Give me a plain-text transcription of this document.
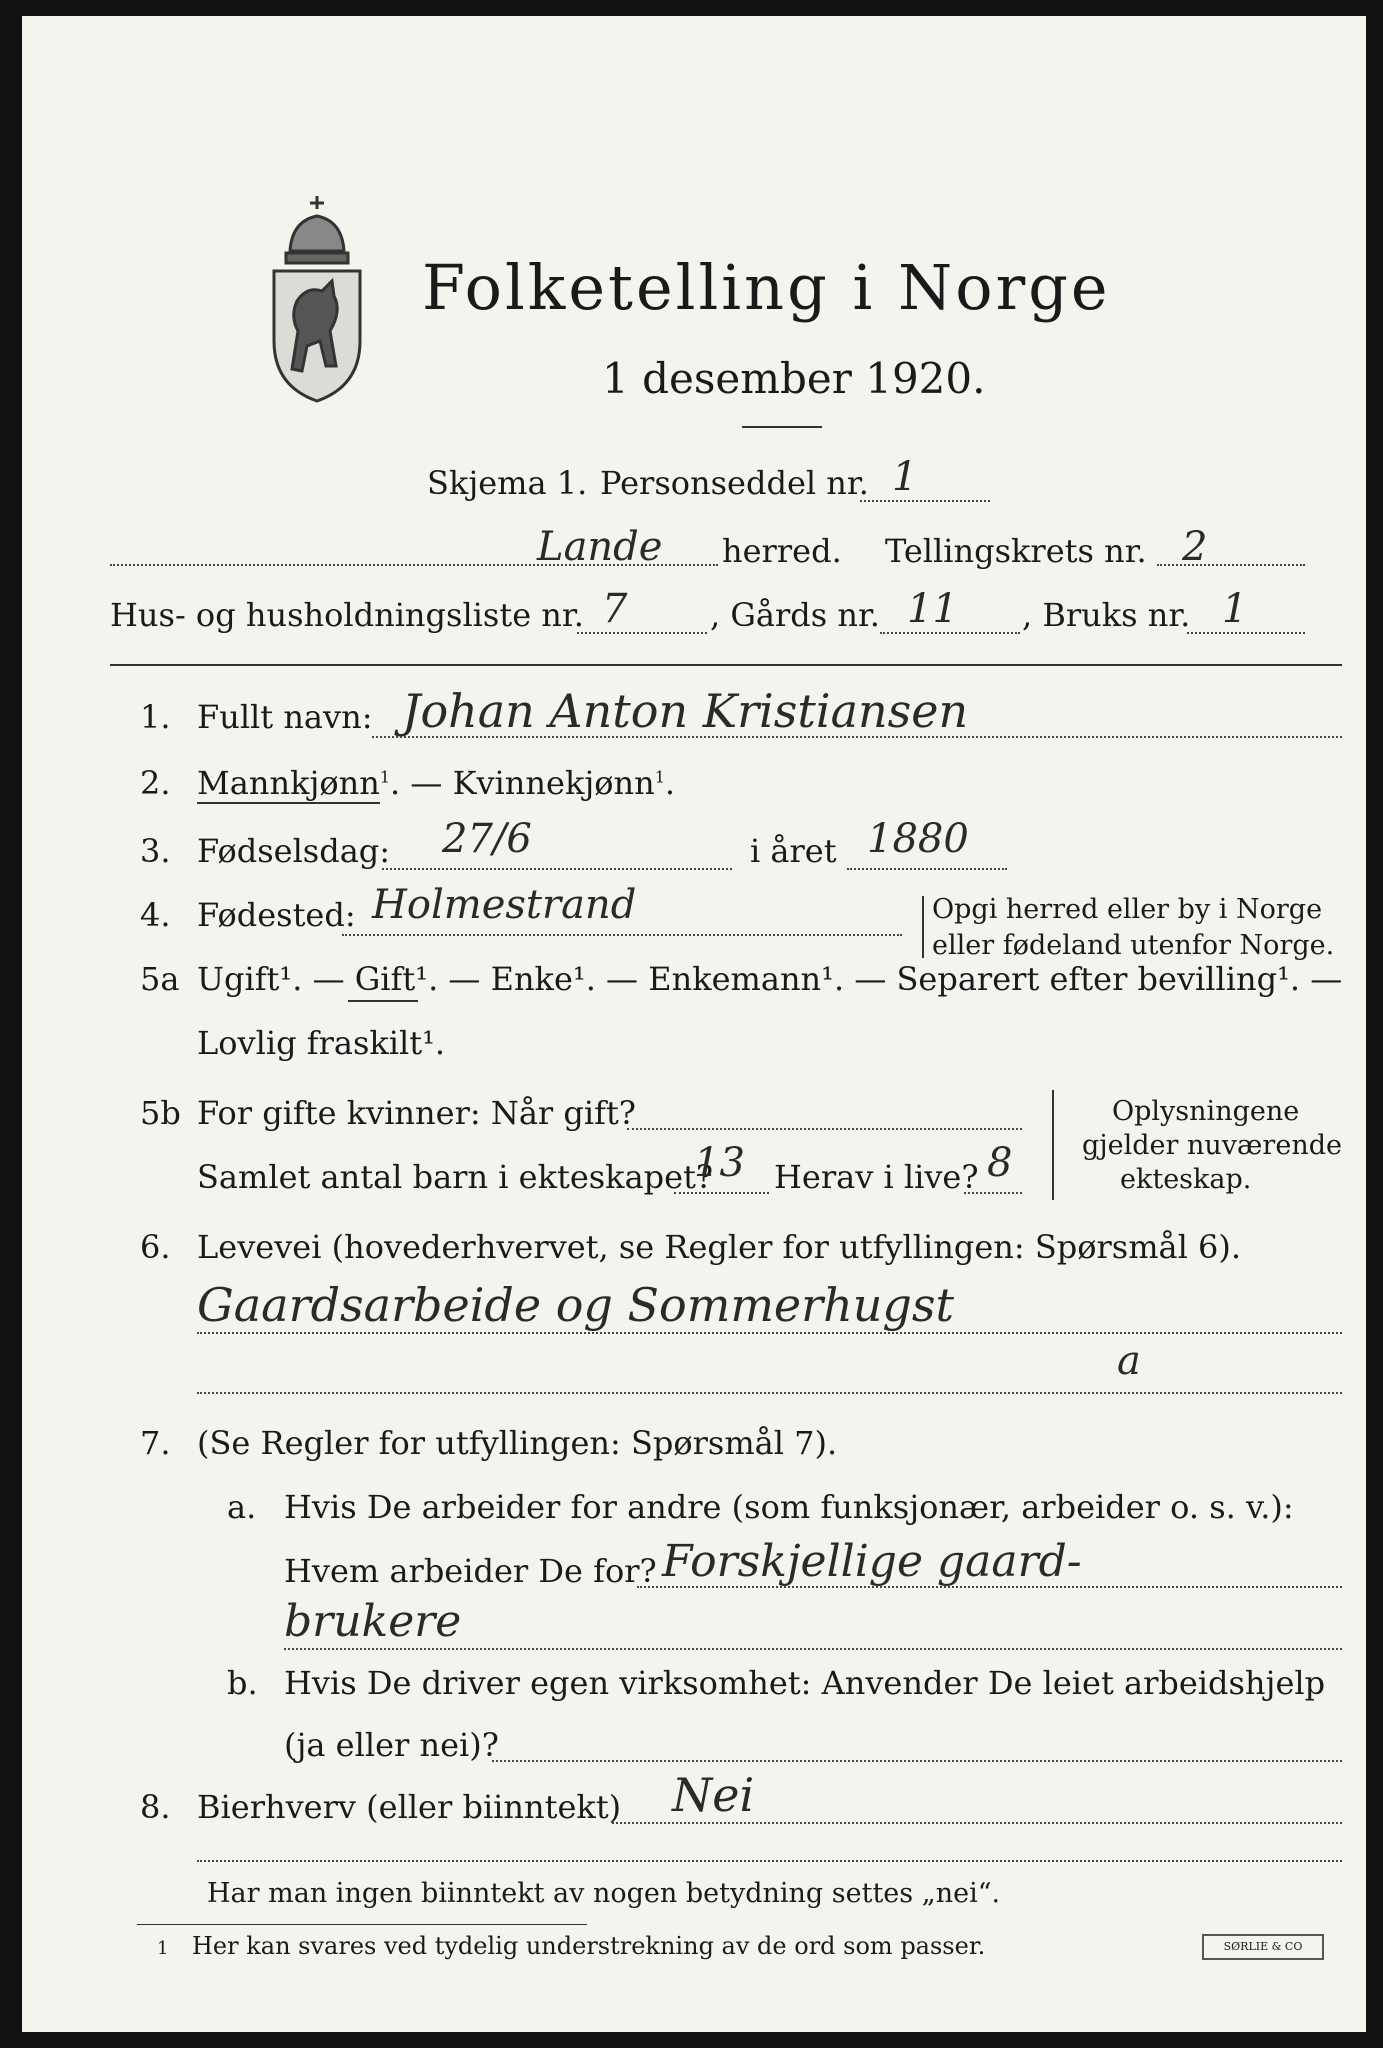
Folketelling i Norge
1 desember 1920.
Skjema 1. Personseddel nr. 1
Lande herred. Tellingskrets nr. 2
Hus- og husholdningsliste nr. 7	, Gårds nr. 11 , Bruks nr. 1
1. Fullt navn: Johan Anton Kristiansen
2. Mannkjønn$^1$. — Kvinnekjønn$^1$.
3. Fødselsdag: 27/6	i året 1880
4. Fødested: Holmestrand	Opgi herred eller by i Norge
eller fødeland utenfor Norge.
5a Ugift¹. — Gift¹. — Enke¹. — Enkemann¹. — Separert efter bevilling¹. —
Lovlig fraskilt¹.
5b For gifte kvinner: Når gift?
Samlet antal barn i ekteskapet?
13 Herav i live? 8
Oplysningene
gjelder nuværende
ekteskap.
6. Levevei (hovederhvervet, se Regler for utfyllingen: Spørsmål 6).
Gaardsarbeide og Sommerhugst
a
7. (Se Regler for utfyllingen: Spørsmål 7).
a. Hvis De arbeider for andre (som funksjonær, arbeider o. s. v.):
Hvem arbeider De for? Forskjellige gaard-
brukere
b. Hvis De driver egen virksomhet: Anvender De leiet arbeidshjelp
(ja eller nei)?
8. Bierhverv (eller biinntekt) Nei
Har man ingen biinntekt av nogen betydning settes „nei“.
1 Her kan svares ved tydelig understrekning av de ord som passer.	SØRLIE & CO
